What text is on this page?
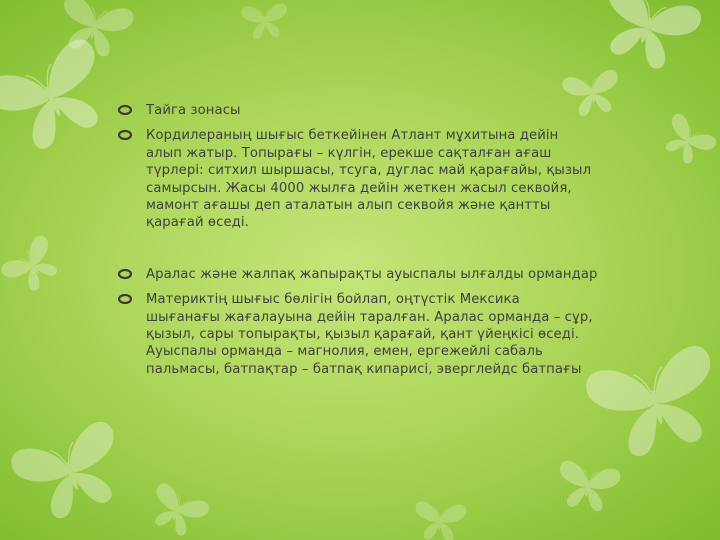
Тайга зонасы
Кордилераның шығыс беткейінен Атлант мұхитына дейін алып жатыр. Топырағы – күлгін, ерекше сақталған ағаш түрлері: ситхил шыршасы, тсуга, дуглас май қарағайы, қызыл самырсын. Жасы 4000 жылға дейін жеткен жасыл секвойя, мамонт ағашы деп аталатын алып секвойя және қантты қарағай өседі.
Аралас және жалпақ жапырақты ауыспалы ылғалды ормандар
Материктің шығыс бөлігін бойлап, оңтүстік Мексика шығанағы жағалауына дейін таралған. Аралас орманда – сұр, қызыл, сары топырақты, қызыл қарағай, қант үйеңкісі өседі. Ауыспалы орманда – магнолия, емен, ергежейлі сабаль пальмасы, батпақтар – батпақ кипарисі, эверглейдс батпағы
